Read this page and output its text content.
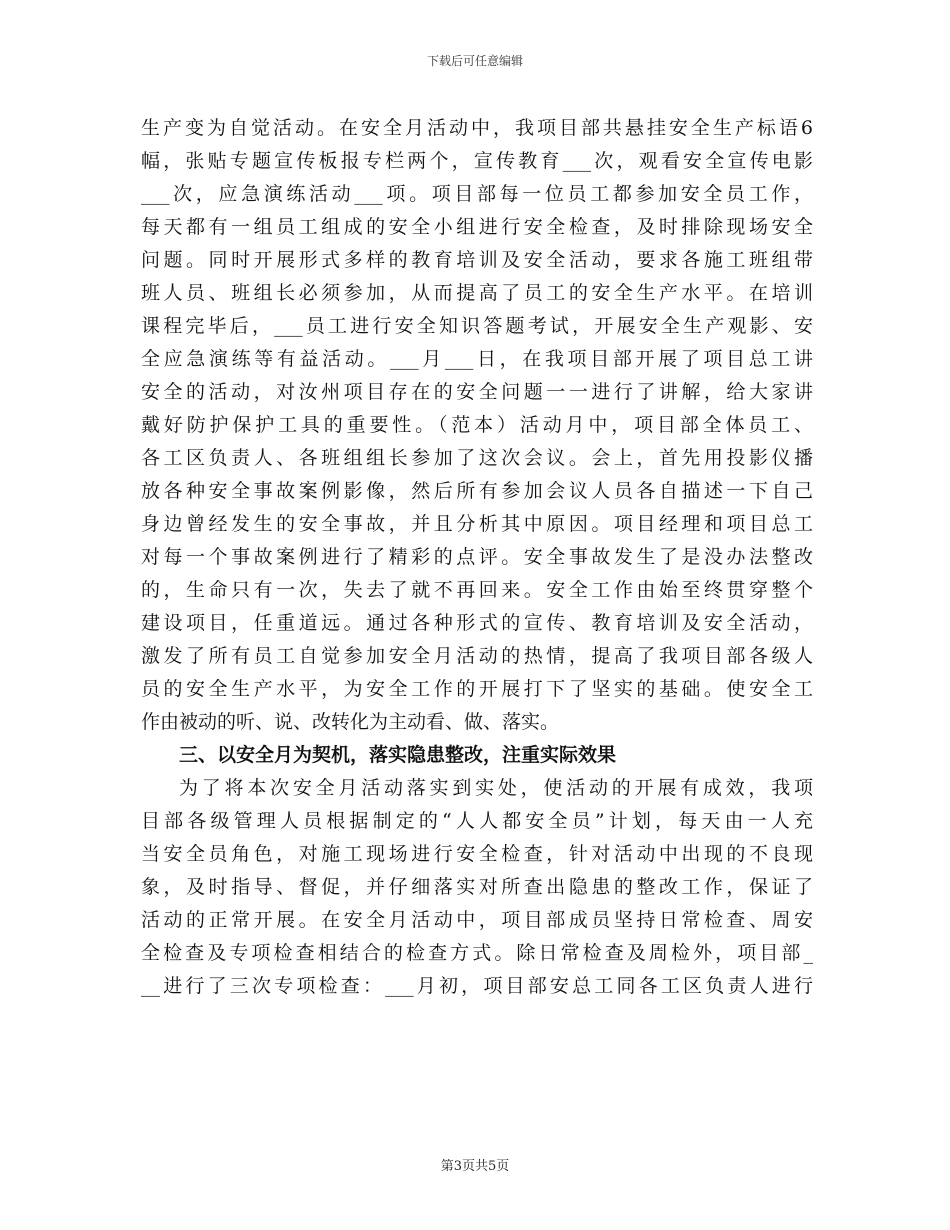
下载后可任意编辑
生产变为自觉活动。在安全月活动中，我项目部共悬挂安全生产标语6
幅，张贴专题宣传板报专栏两个，宣传教育___次，观看安全宣传电影
___次，应急演练活动___项。项目部每一位员工都参加安全员工作，
每天都有一组员工组成的安全小组进行安全检查，及时排除现场安全
问题。同时开展形式多样的教育培训及安全活动，要求各施工班组带
班人员、班组长必须参加，从而提高了员工的安全生产水平。在培训
课程完毕后，___员工进行安全知识答题考试，开展安全生产观影、安
全应急演练等有益活动。___月___日，在我项目部开展了项目总工讲
安全的活动，对汝州项目存在的安全问题一一进行了讲解，给大家讲
戴好防护保护工具的重要性。（范本）活动月中，项目部全体员工、
各工区负责人、各班组组长参加了这次会议。会上，首先用投影仪播
放各种安全事故案例影像，然后所有参加会议人员各自描述一下自己
身边曾经发生的安全事故，并且分析其中原因。项目经理和项目总工
对每一个事故案例进行了精彩的点评。安全事故发生了是没办法整改
的，生命只有一次，失去了就不再回来。安全工作由始至终贯穿整个
建设项目，任重道远。通过各种形式的宣传、教育培训及安全活动，
激发了所有员工自觉参加安全月活动的热情，提高了我项目部各级人
员的安全生产水平，为安全工作的开展打下了坚实的基础。使安全工
作由被动的听、说、改转化为主动看、做、落实。
三、以安全月为契机，落实隐患整改，注重实际效果
为了将本次安全月活动落实到实处，使活动的开展有成效，我项
目部各级管理人员根据制定的“人人都安全员”计划，每天由一人充
当安全员角色，对施工现场进行安全检查，针对活动中出现的不良现
象，及时指导、督促，并仔细落实对所查出隐患的整改工作，保证了
活动的正常开展。在安全月活动中，项目部成员坚持日常检查、周安
全检查及专项检查相结合的检查方式。除日常检查及周检外，项目部_
__进行了三次专项检查：___月初，项目部安总工同各工区负责人进行
第3页共5页
